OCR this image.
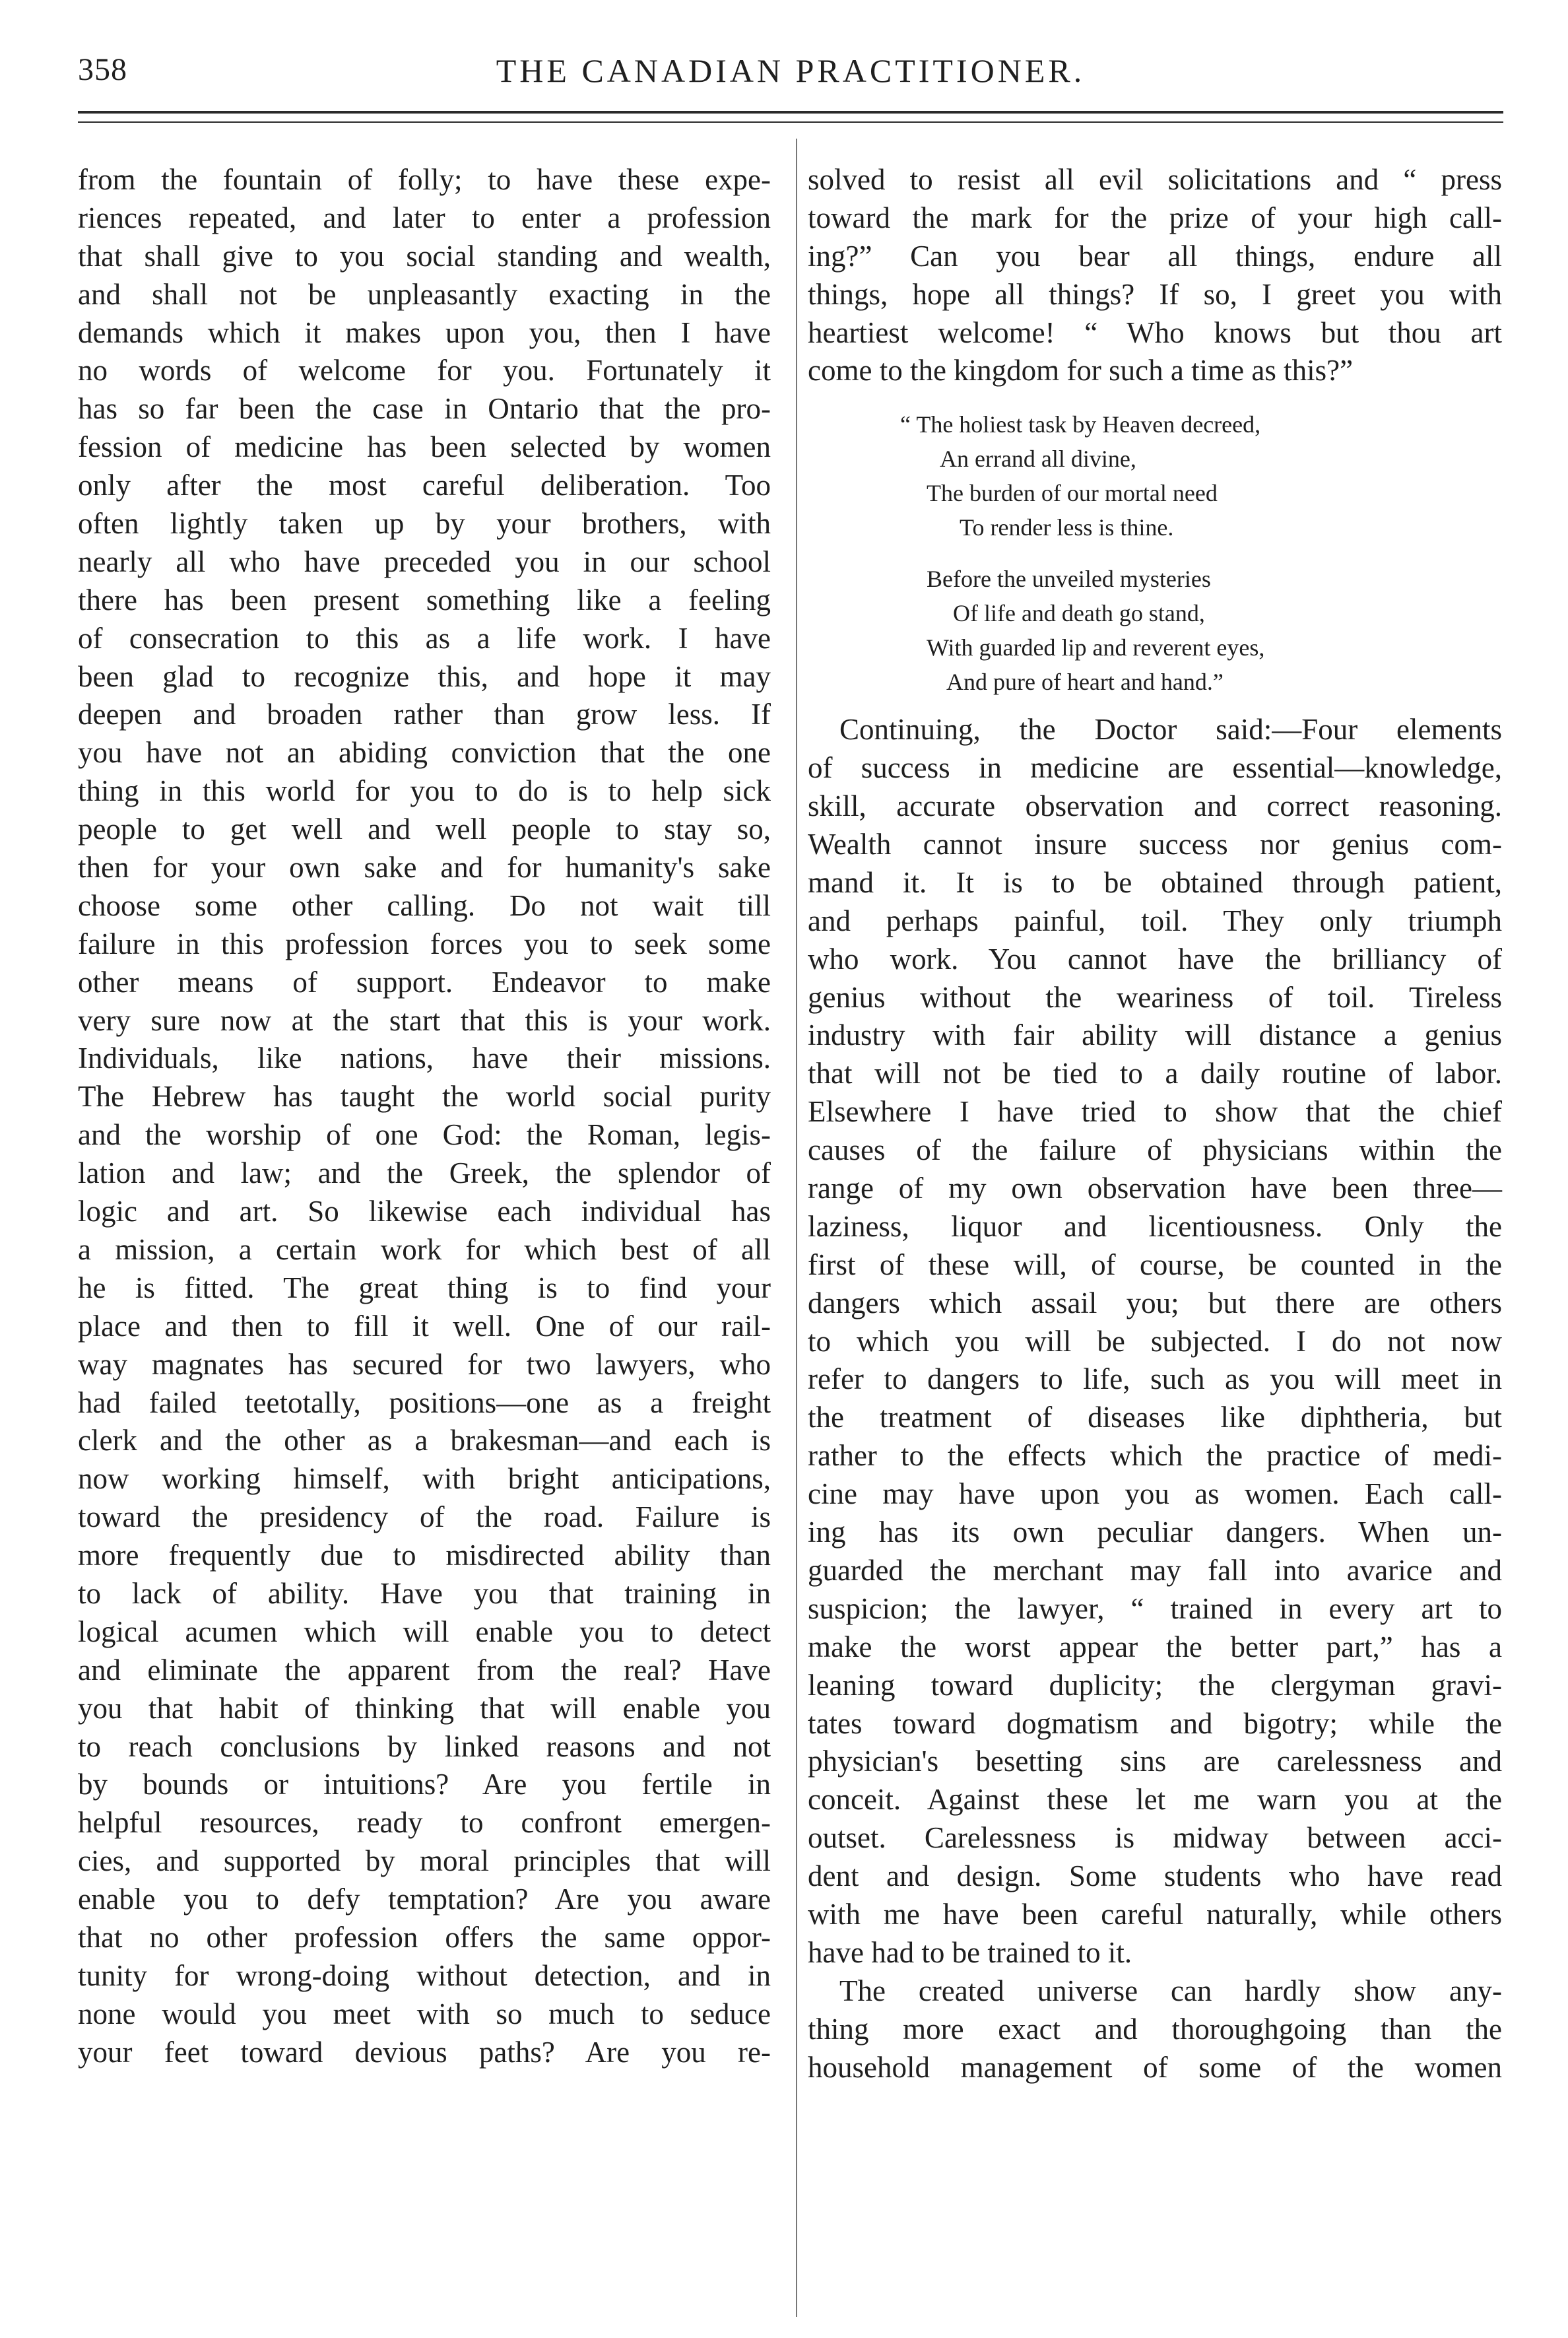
358	THE CANADIAN PRACTITIONER.
from the fountain of folly; to have these expe-
riences repeated, and later to enter a profession
that shall give to you social standing and wealth,
and shall not be unpleasantly exacting in the
demands which it makes upon you, then I have
no words of welcome for you. Fortunately it
has so far been the case in Ontario that the pro-
fession of medicine has been selected by women
only after the most careful deliberation. Too
often lightly taken up by your brothers, with
nearly all who have preceded you in our school
there has been present something like a feeling
of consecration to this as a life work. I have
been glad to recognize this, and hope it may
deepen and broaden rather than grow less. If
you have not an abiding conviction that the one
thing in this world for you to do is to help sick
people to get well and well people to stay so,
then for your own sake and for humanity's sake
choose some other calling. Do not wait till
failure in this profession forces you to seek some
other means of support. Endeavor to make
very sure now at the start that this is your work.
Individuals, like nations, have their missions.
The Hebrew has taught the world social purity
and the worship of one God: the Roman, legis-
lation and law; and the Greek, the splendor of
logic and art. So likewise each individual has
a mission, a certain work for which best of all
he is fitted. The great thing is to find your
place and then to fill it well. One of our rail-
way magnates has secured for two lawyers, who
had failed teetotally, positions—one as a freight
clerk and the other as a brakesman—and each is
now working himself, with bright anticipations,
toward the presidency of the road. Failure is
more frequently due to misdirected ability than
to lack of ability. Have you that training in
logical acumen which will enable you to detect
and eliminate the apparent from the real? Have
you that habit of thinking that will enable you
to reach conclusions by linked reasons and not
by bounds or intuitions? Are you fertile in
helpful resources, ready to confront emergen-
cies, and supported by moral principles that will
enable you to defy temptation? Are you aware
that no other profession offers the same oppor-
tunity for wrong-doing without detection, and in
none would you meet with so much to seduce
your feet toward devious paths? Are you re-
solved to resist all evil solicitations and “ press
toward the mark for the prize of your high call-
ing?” Can you bear all things, endure all
things, hope all things? If so, I greet you with
heartiest welcome! “ Who knows but thou art
come to the kingdom for such a time as this?”
“ The holiest task by Heaven decreed,
An errand all divine,
The burden of our mortal need
To render less is thine.
Before the unveiled mysteries
Of life and death go stand,
With guarded lip and reverent eyes,
And pure of heart and hand.”
Continuing, the Doctor said:—Four elements
of success in medicine are essential—knowledge,
skill, accurate observation and correct reasoning.
Wealth cannot insure success nor genius com-
mand it. It is to be obtained through patient,
and perhaps painful, toil. They only triumph
who work. You cannot have the brilliancy of
genius without the weariness of toil. Tireless
industry with fair ability will distance a genius
that will not be tied to a daily routine of labor.
Elsewhere I have tried to show that the chief
causes of the failure of physicians within the
range of my own observation have been three—
laziness, liquor and licentiousness. Only the
first of these will, of course, be counted in the
dangers which assail you; but there are others
to which you will be subjected. I do not now
refer to dangers to life, such as you will meet in
the treatment of diseases like diphtheria, but
rather to the effects which the practice of medi-
cine may have upon you as women. Each call-
ing has its own peculiar dangers. When un-
guarded the merchant may fall into avarice and
suspicion; the lawyer, “ trained in every art to
make the worst appear the better part,” has a
leaning toward duplicity; the clergyman gravi-
tates toward dogmatism and bigotry; while the
physician's besetting sins are carelessness and
conceit. Against these let me warn you at the
outset. Carelessness is midway between acci-
dent and design. Some students who have read
with me have been careful naturally, while others
have had to be trained to it.
The created universe can hardly show any-
thing more exact and thoroughgoing than the
household management of some of the women
